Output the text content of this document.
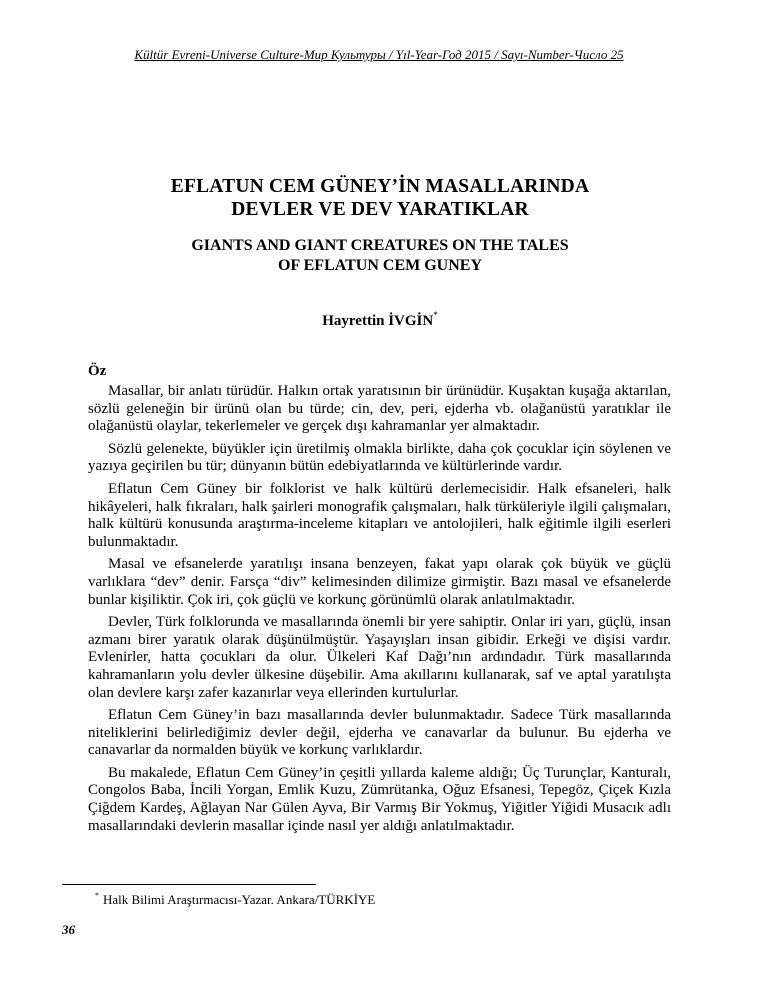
Kültür Evreni-Universe Culture-Мир Культуры / Yıl-Year-Год 2015 / Sayı-Number-Число 25
EFLATUN CEM GÜNEY’İN MASALLARINDA
DEVLER VE DEV YARATIKLAR
GIANTS AND GIANT CREATURES ON THE TALES
OF EFLATUN CEM GUNEY
Hayrettin İVGİN*
Öz

Masallar, bir anlatı türüdür. Halkın ortak yaratısının bir ürünüdür. Kuşaktan kuşağa aktarılan, sözlü geleneğin bir ürünü olan bu türde; cin, dev, peri, ejderha vb. olağanüstü yaratıklar ile olağanüstü olaylar, tekerlemeler ve gerçek dışı kahramanlar yer almaktadır.

Sözlü gelenekte, büyükler için üretilmiş olmakla birlikte, daha çok çocuklar için söylenen ve yazıya geçirilen bu tür; dünyanın bütün edebiyatlarında ve kültürlerinde vardır.

Eflatun Cem Güney bir folklorist ve halk kültürü derlemecisidir. Halk efsaneleri, halk hikâyeleri, halk fıkraları, halk şairleri monografik çalışmaları, halk türküleriyle ilgili çalışmaları, halk kültürü konusunda araştırma-inceleme kitapları ve antolojileri, halk eğitimle ilgili eserleri bulunmaktadır.

Masal ve efsanelerde yaratılışı insana benzeyen, fakat yapı olarak çok büyük ve güçlü varlıklara “dev” denir. Farsça “div” kelimesinden dilimize girmiştir. Bazı masal ve efsanelerde bunlar kişiliktir. Çok iri, çok güçlü ve korkunç görünümlü olarak anlatılmaktadır.

Devler, Türk folklorunda ve masallarında önemli bir yere sahiptir. Onlar iri yarı, güçlü, insan azmanı birer yaratık olarak düşünülmüştür. Yaşayışları insan gibidir. Erkeği ve dişisi vardır. Evlenirler, hatta çocukları da olur. Ülkeleri Kaf Dağı’nın ardındadır. Türk masallarında kahramanların yolu devler ülkesine düşebilir. Ama akıllarını kullanarak, saf ve aptal yaratılışta olan devlere karşı zafer kazanırlar veya ellerinden kurtulurlar.

Eflatun Cem Güney’in bazı masallarında devler bulunmaktadır. Sadece Türk masallarında niteliklerini belirlediğimiz devler değil, ejderha ve canavarlar da bulunur. Bu ejderha ve canavarlar da normalden büyük ve korkunç varlıklardır.

Bu makalede, Eflatun Cem Güney’in çeşitli yıllarda kaleme aldığı; Üç Turunçlar, Kanturalı, Congolos Baba, İncili Yorgan, Emlik Kuzu, Zümrütanka, Oğuz Efsanesi, Tepegöz, Çiçek Kızla Çiğdem Kardeş, Ağlayan Nar Gülen Ayva, Bir Varmış Bir Yokmuş, Yiğitler Yiğidi Musacık adlı masallarındaki devlerin masallar içinde nasıl yer aldığı anlatılmaktadır.

* Halk Bilimi Araştırmacısı-Yazar. Ankara/TÜRKİYE
36
